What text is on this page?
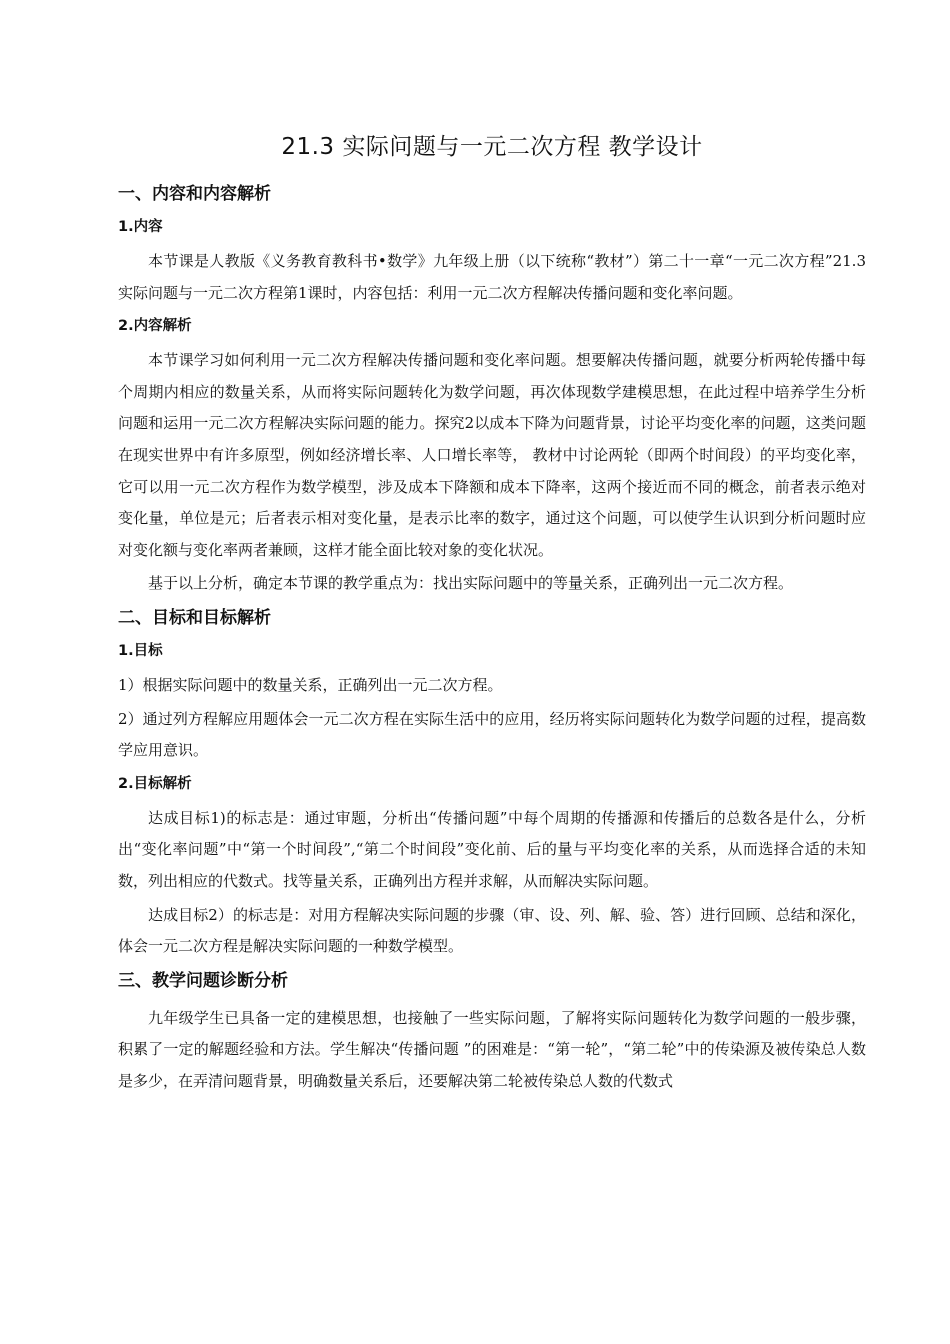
21.3 实际问题与一元二次方程 教学设计
一、内容和内容解析
1.内容
本节课是人教版《义务教育教科书•数学》九年级上册（以下统称“教材”）第二十一章“一元二次方程”21.3 实际问题与一元二次方程第1课时，内容包括：利用一元二次方程解决传播问题和变化率问题。
2.内容解析
本节课学习如何利用一元二次方程解决传播问题和变化率问题。想要解决传播问题，就要分析两轮传播中每个周期内相应的数量关系，从而将实际问题转化为数学问题，再次体现数学建模思想，在此过程中培养学生分析问题和运用一元二次方程解决实际问题的能力。探究2以成本下降为问题背景，讨论平均变化率的问题，这类问题在现实世界中有许多原型，例如经济增长率、人口增长率等， 教材中讨论两轮（即两个时间段）的平均变化率，它可以用一元二次方程作为数学模型，涉及成本下降额和成本下降率，这两个接近而不同的概念，前者表示绝对变化量，单位是元；后者表示相对变化量，是表示比率的数字，通过这个问题，可以使学生认识到分析问题时应对变化额与变化率两者兼顾，这样才能全面比较对象的变化状况。
基于以上分析，确定本节课的教学重点为：找出实际问题中的等量关系，正确列出一元二次方程。
二、目标和目标解析
1.目标
1）根据实际问题中的数量关系，正确列出一元二次方程。
2）通过列方程解应用题体会一元二次方程在实际生活中的应用，经历将实际问题转化为数学问题的过程，提高数学应用意识。
2.目标解析
达成目标1)的标志是：通过审题，分析出“传播问题”中每个周期的传播源和传播后的总数各是什么，分析出“变化率问题”中“第一个时间段”,“第二个时间段”变化前、后的量与平均变化率的关系，从而选择合适的未知数，列出相应的代数式。找等量关系，正确列出方程并求解，从而解决实际问题。
达成目标2）的标志是：对用方程解决实际问题的步骤（审、设、列、解、验、答）进行回顾、总结和深化，体会一元二次方程是解决实际问题的一种数学模型。
三、教学问题诊断分析
九年级学生已具备一定的建模思想，也接触了一些实际问题，了解将实际问题转化为数学问题的一般步骤，积累了一定的解题经验和方法。学生解决“传播问题 ”的困难是：“第一轮”，“第二轮”中的传染源及被传染总人数是多少，在弄清问题背景，明确数量关系后，还要解决第二轮被传染总人数的代数式
